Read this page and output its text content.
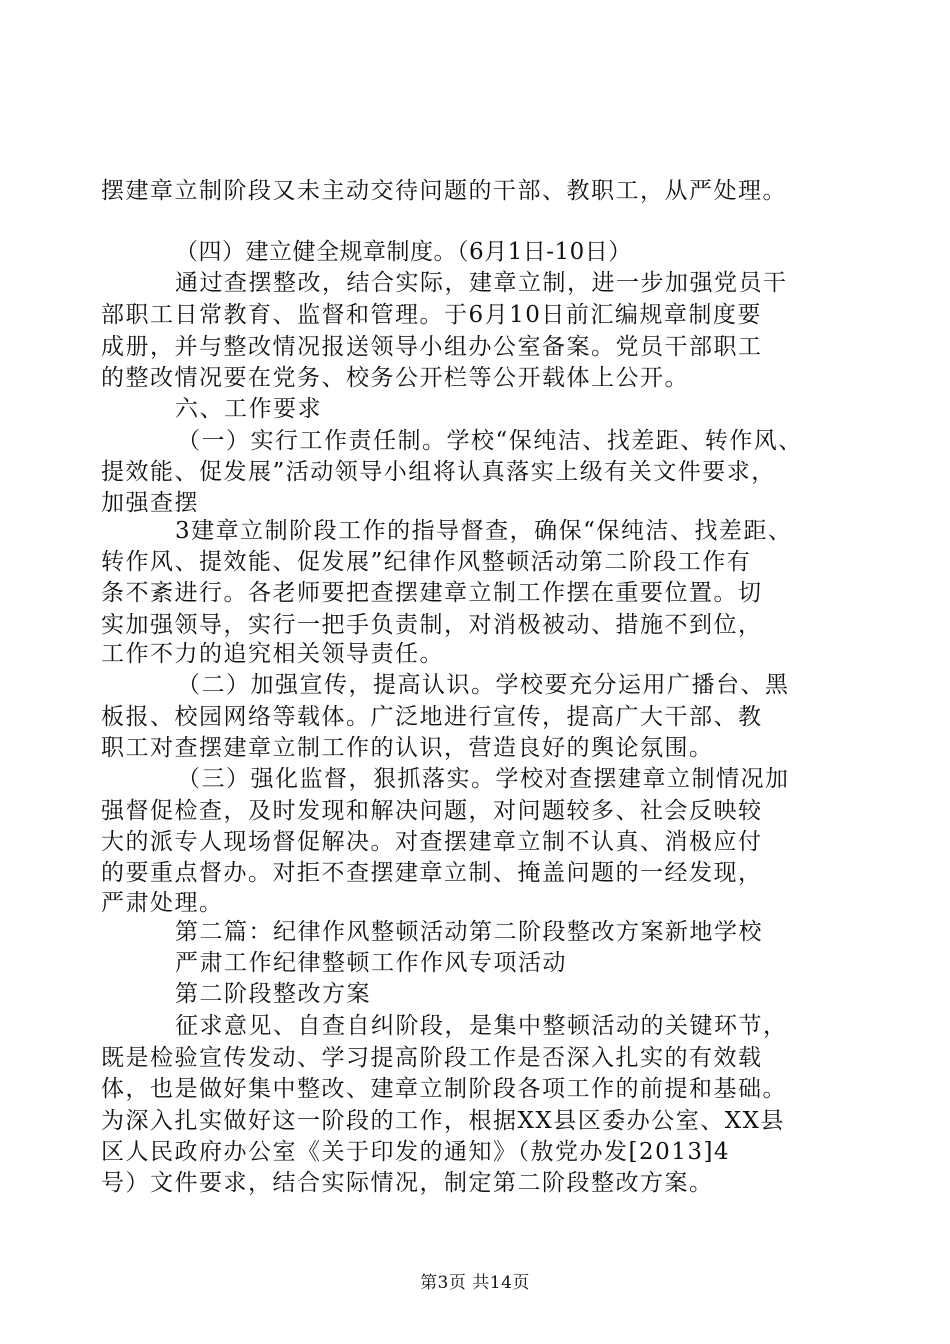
摆建章立制阶段又未主动交待问题的干部、教职工，从严处理。
（四）建立健全规章制度。（6月1日-10日）
通过查摆整改，结合实际，建章立制，进一步加强党员干
部职工日常教育、监督和管理。于6月10日前汇编规章制度要
成册，并与整改情况报送领导小组办公室备案。党员干部职工
的整改情况要在党务、校务公开栏等公开载体上公开。
六、工作要求
（一）实行工作责任制。学校“保纯洁、找差距、转作风、
提效能、促发展”活动领导小组将认真落实上级有关文件要求，
加强查摆
3建章立制阶段工作的指导督查，确保“保纯洁、找差距、
转作风、提效能、促发展”纪律作风整顿活动第二阶段工作有
条不紊进行。各老师要把查摆建章立制工作摆在重要位置。切
实加强领导，实行一把手负责制，对消极被动、措施不到位，
工作不力的追究相关领导责任。
（二）加强宣传，提高认识。学校要充分运用广播台、黑
板报、校园网络等载体。广泛地进行宣传，提高广大干部、教
职工对查摆建章立制工作的认识，营造良好的舆论氛围。
（三）强化监督，狠抓落实。学校对查摆建章立制情况加
强督促检查，及时发现和解决问题，对问题较多、社会反映较
大的派专人现场督促解决。对查摆建章立制不认真、消极应付
的要重点督办。对拒不查摆建章立制、掩盖问题的一经发现，
严肃处理。
第二篇：纪律作风整顿活动第二阶段整改方案新地学校
严肃工作纪律整顿工作作风专项活动
第二阶段整改方案
征求意见、自查自纠阶段，是集中整顿活动的关键环节，
既是检验宣传发动、学习提高阶段工作是否深入扎实的有效载
体，也是做好集中整改、建章立制阶段各项工作的前提和基础。
为深入扎实做好这一阶段的工作，根据XX县区委办公室、XX县
区人民政府办公室《关于印发的通知》（敖党办发[2013]4
号）文件要求，结合实际情况，制定第二阶段整改方案。
第3页 共14页
